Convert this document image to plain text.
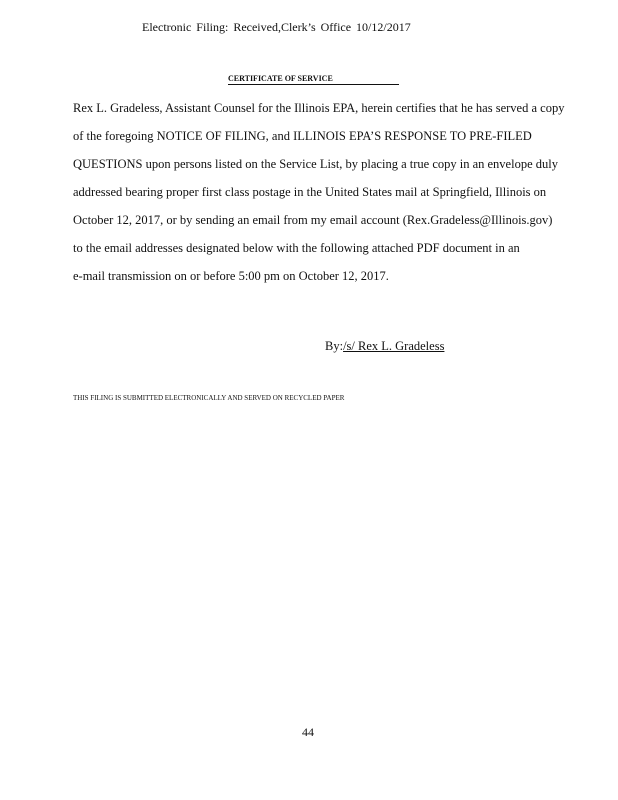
Electronic Filing: Received,Clerk’s Office 10/12/2017
CERTIFICATE OF SERVICE
Rex L. Gradeless, Assistant Counsel for the Illinois EPA, herein certifies that he has served a copy
of the foregoing NOTICE OF FILING, and ILLINOIS EPA’S RESPONSE TO PRE-FILED
QUESTIONS upon persons listed on the Service List, by placing a true copy in an envelope duly
addressed bearing proper first class postage in the United States mail at Springfield, Illinois on
October 12, 2017, or by sending an email from my email account (Rex.Gradeless@Illinois.gov)
to the email addresses designated below with the following attached PDF document in an
e-mail transmission on or before 5:00 pm on October 12, 2017.
By:/s/ Rex L. Gradeless
THIS FILING IS SUBMITTED ELECTRONICALLY AND SERVED ON RECYCLED PAPER
44
